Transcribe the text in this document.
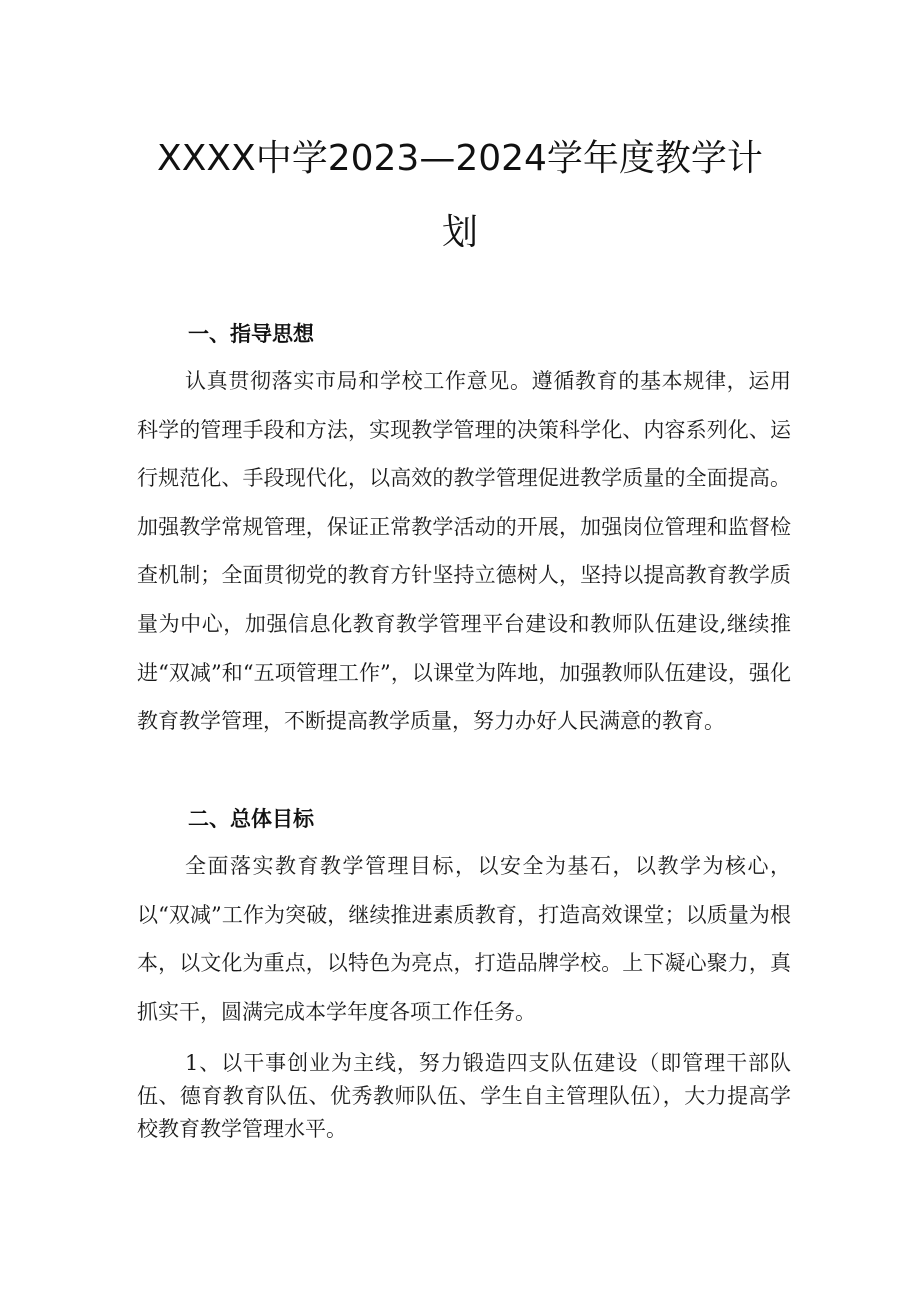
XXXX中学2023—2024学年度教学计
划
一、指导思想

认真贯彻落实市局和学校工作意见。遵循教育的基本规律，运用科学的管理手段和方法，实现教学管理的决策科学化、内容系列化、运行规范化、手段现代化，以高效的教学管理促进教学质量的全面提高。加强教学常规管理，保证正常教学活动的开展，加强岗位管理和监督检查机制；全面贯彻党的教育方针坚持立德树人，坚持以提高教育教学质量为中心，加强信息化教育教学管理平台建设和教师队伍建设,继续推进“双减”和“五项管理工作”，以课堂为阵地，加强教师队伍建设，强化教育教学管理，不断提高教学质量，努力办好人民满意的教育。

二、总体目标

全面落实教育教学管理目标，以安全为基石，以教学为核心，以“双减”工作为突破，继续推进素质教育，打造高效课堂；以质量为根本，以文化为重点，以特色为亮点，打造品牌学校。上下凝心聚力，真抓实干，圆满完成本学年度各项工作任务。

1、以干事创业为主线，努力锻造四支队伍建设（即管理干部队伍、德育教育队伍、优秀教师队伍、学生自主管理队伍），大力提高学校教育教学管理水平。
